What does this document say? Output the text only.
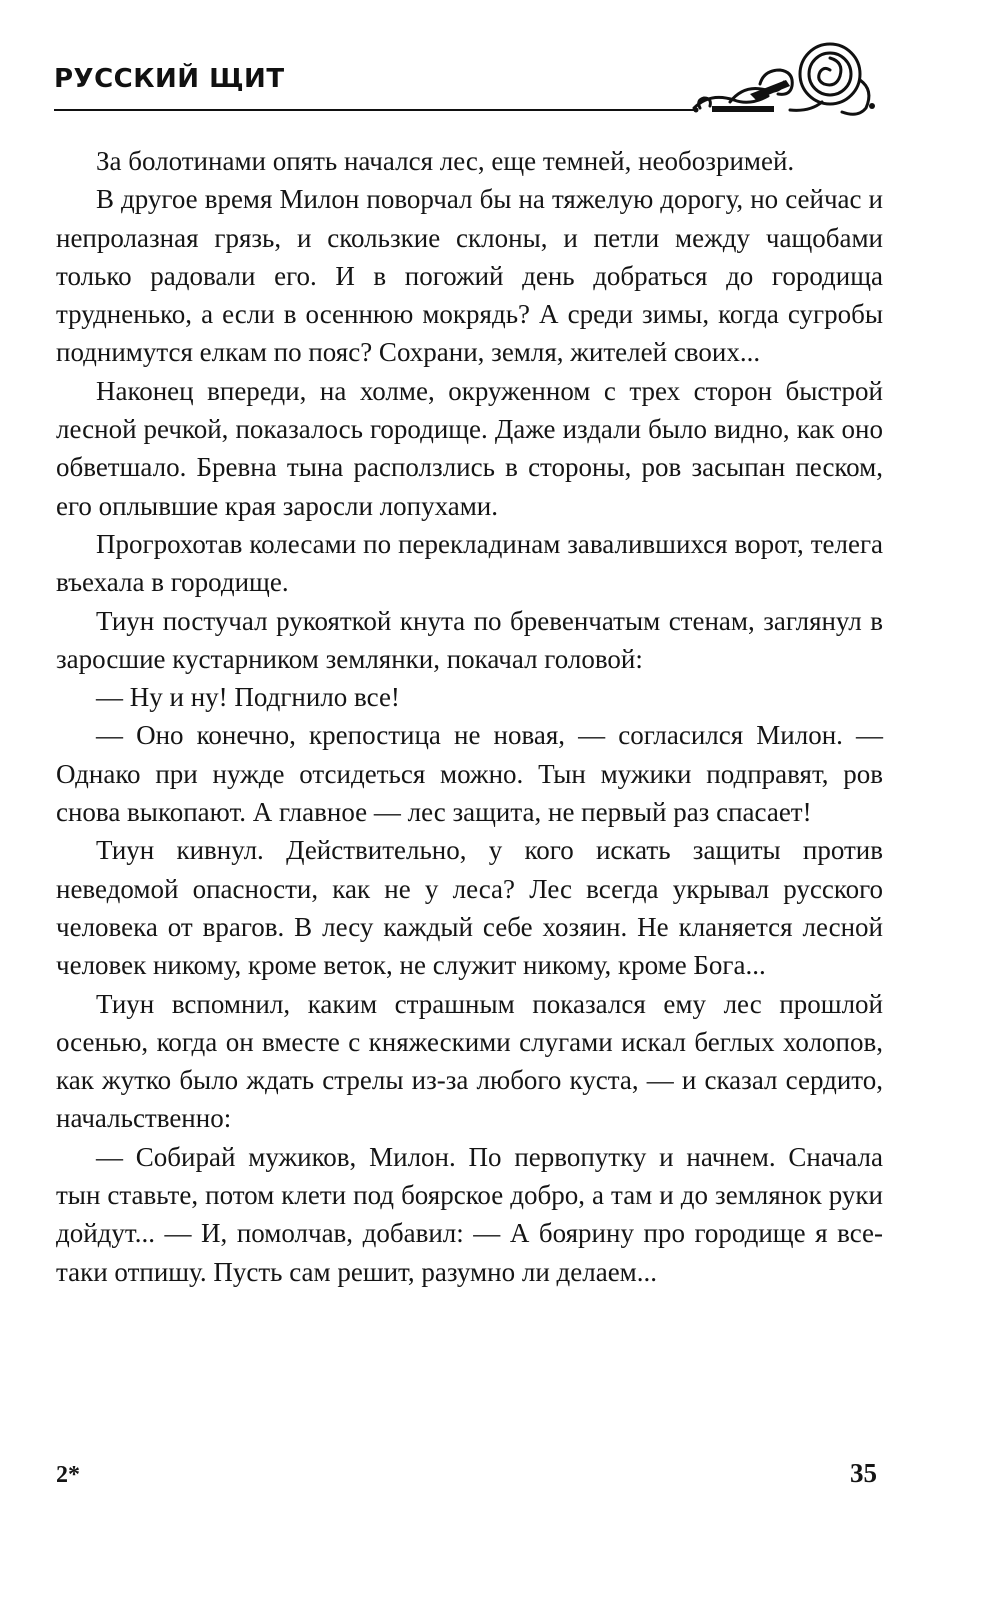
РУССКИЙ ЩИТ

За болотинами опять начался лес, еще темней, необозримей.

В другое время Милон поворчал бы на тяжелую дорогу, но сейчас и непролазная грязь, и скользкие склоны, и петли между чащобами только радовали его. И в погожий день добраться до городища трудненько, а если в осеннюю мокрядь? А среди зимы, когда сугробы поднимутся елкам по пояс? Сохрани, земля, жителей своих...

Наконец впереди, на холме, окруженном с трех сторон быстрой лесной речкой, показалось городище. Даже издали было видно, как оно обветшало. Бревна тына расползлись в стороны, ров засыпан песком, его оплывшие края заросли лопухами.

Прогрохотав колесами по перекладинам завалившихся ворот, телега въехала в городище.

Тиун постучал рукояткой кнута по бревенчатым стенам, заглянул в заросшие кустарником землянки, покачал головой:

— Ну и ну! Подгнило все!

— Оно конечно, крепостица не новая, — согласился Милон. — Однако при нужде отсидеться можно. Тын мужики подправят, ров снова выкопают. А главное — лес защита, не первый раз спасает!

Тиун кивнул. Действительно, у кого искать защиты против неведомой опасности, как не у леса? Лес всегда укрывал русского человека от врагов. В лесу каждый себе хозяин. Не кланяется лесной человек никому, кроме веток, не служит никому, кроме Бога...

Тиун вспомнил, каким страшным показался ему лес прошлой осенью, когда он вместе с княжескими слугами искал беглых холопов, как жутко было ждать стрелы из-за любого куста, — и сказал сердито, начальственно:

— Собирай мужиков, Милон. По первопутку и начнем. Сначала тын ставьте, потом клети под боярское добро, а там и до землянок руки дойдут... — И, помолчав, добавил: — А боярину про городище я все-таки отпишу. Пусть сам решит, разумно ли делаем...

2*	35
